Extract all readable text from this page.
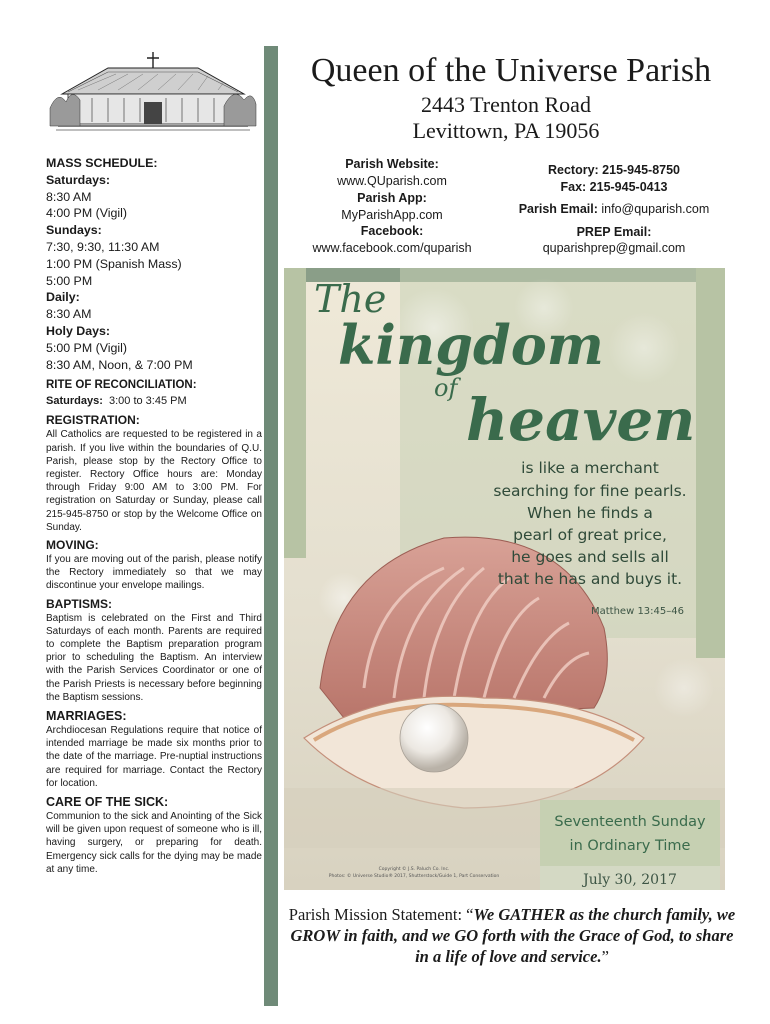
MASS SCHEDULE:
Saturdays:
8:30 AM
4:00 PM (Vigil)
Sundays:
7:30, 9:30, 11:30 AM
1:00 PM (Spanish Mass)
5:00 PM
Daily:
8:30 AM
Holy Days:
5:00 PM (Vigil)
8:30 AM, Noon, & 7:00 PM
RITE OF RECONCILIATION:
Saturdays: 3:00 to 3:45 PM
REGISTRATION:
All Catholics are requested to be registered in a parish. If you live within the boundaries of Q.U. Parish, please stop by the Rectory Office to register. Rectory Office hours are: Monday through Friday 9:00 AM to 3:00 PM. For registration on Saturday or Sunday, please call 215-945-8750 or stop by the Welcome Office on Sunday.
MOVING:
If you are moving out of the parish, please notify the Rectory immediately so that we may discontinue your envelope mailings.
BAPTISMS:
Baptism is celebrated on the First and Third Saturdays of each month. Parents are required to complete the Baptism preparation program prior to scheduling the Baptism. An interview with the Parish Services Coordinator or one of the Parish Priests is necessary before beginning the Baptism sessions.
MARRIAGES:
Archdiocesan Regulations require that notice of intended marriage be made six months prior to the date of the marriage. Pre-nuptial instructions are required for marriage. Contact the Rectory for location.
CARE OF THE SICK:
Communion to the sick and Anointing of the Sick will be given upon request of someone who is ill, having surgery, or preparing for death. Emergency sick calls for the dying may be made at any time.
Queen of the Universe Parish
2443 Trenton Road
Levittown, PA 19056
Parish Website:
www.QUparish.com
Parish App:
MyParishApp.com
Facebook:
www.facebook.com/quparish
Rectory: 215-945-8750
Fax: 215-945-0413
Parish Email: info@quparish.com
PREP Email:
quparishprep@gmail.com
The
kingdom
of heaven
is like a merchant
searching for fine pearls.
When he finds a
pearl of great price,
he goes and sells all
that he has and buys it.
Matthew 13:45–46
Seventeenth Sunday
in Ordinary Time
July 30, 2017
Copyright © J.S. Paluch Co. Inc.
Photos: © Universe Studio® 2017, Shutterstock/Guide 1, Part Conservation
Parish Mission Statement: “We GATHER as the church family, we GROW in faith, and we GO forth with the Grace of God, to share in a life of love and service.”
